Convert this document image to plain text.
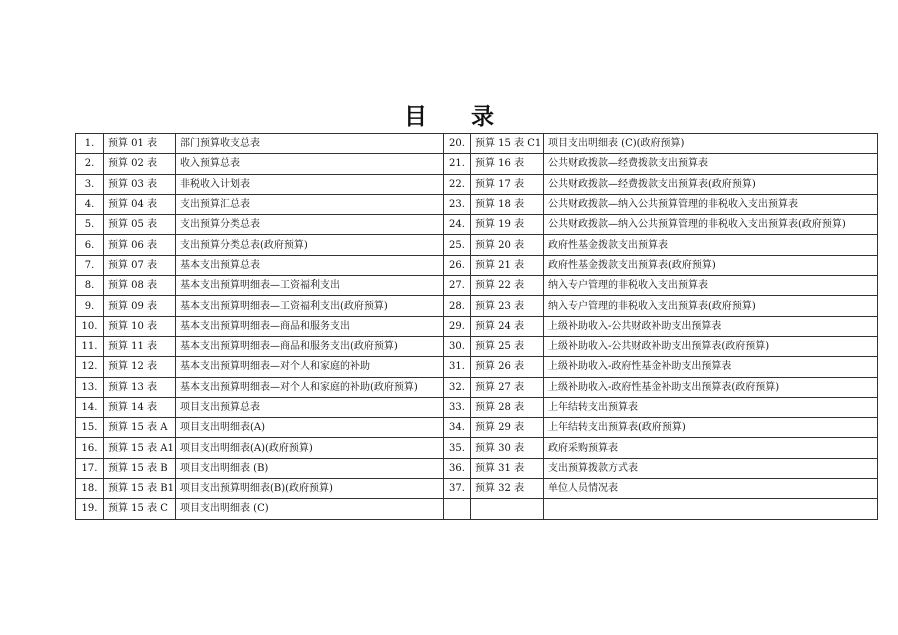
目 录
1.	预算 01 表	部门预算收支总表	20.	预算 15 表 C1	项目支出明细表 (C)(政府预算)
2.	预算 02 表	收入预算总表	21.	预算 16 表	公共财政拨款—经费拨款支出预算表
3.	预算 03 表	非税收入计划表	22.	预算 17 表	公共财政拨款—经费拨款支出预算表(政府预算)
4.	预算 04 表	支出预算汇总表	23.	预算 18 表	公共财政拨款—纳入公共预算管理的非税收入支出预算表
5.	预算 05 表	支出预算分类总表	24.	预算 19 表	公共财政拨款—纳入公共预算管理的非税收入支出预算表(政府预算)
6.	预算 06 表	支出预算分类总表(政府预算)	25.	预算 20 表	政府性基金拨款支出预算表
7.	预算 07 表	基本支出预算总表	26.	预算 21 表	政府性基金拨款支出预算表(政府预算)
8.	预算 08 表	基本支出预算明细表—工资福利支出	27.	预算 22 表	纳入专户管理的非税收入支出预算表
9.	预算 09 表	基本支出预算明细表—工资福利支出(政府预算)	28.	预算 23 表	纳入专户管理的非税收入支出预算表(政府预算)
10.	预算 10 表	基本支出预算明细表—商品和服务支出	29.	预算 24 表	上级补助收入-公共财政补助支出预算表
11.	预算 11 表	基本支出预算明细表—商品和服务支出(政府预算)	30.	预算 25 表	上级补助收入-公共财政补助支出预算表(政府预算)
12.	预算 12 表	基本支出预算明细表—对个人和家庭的补助	31.	预算 26 表	上级补助收入-政府性基金补助支出预算表
13.	预算 13 表	基本支出预算明细表—对个人和家庭的补助(政府预算)	32.	预算 27 表	上级补助收入-政府性基金补助支出预算表(政府预算)
14.	预算 14 表	项目支出预算总表	33.	预算 28 表	上年结转支出预算表
15.	预算 15 表 A	项目支出明细表(A)	34.	预算 29 表	上年结转支出预算表(政府预算)
16.	预算 15 表 A1	项目支出明细表(A)(政府预算)	35.	预算 30 表	政府采购预算表
17.	预算 15 表 B	项目支出明细表 (B)	36.	预算 31 表	支出预算拨款方式表
18.	预算 15 表 B1	项目支出预算明细表(B)(政府预算)	37.	预算 32 表	单位人员情况表
19.	预算 15 表 C	项目支出明细表 (C)			
